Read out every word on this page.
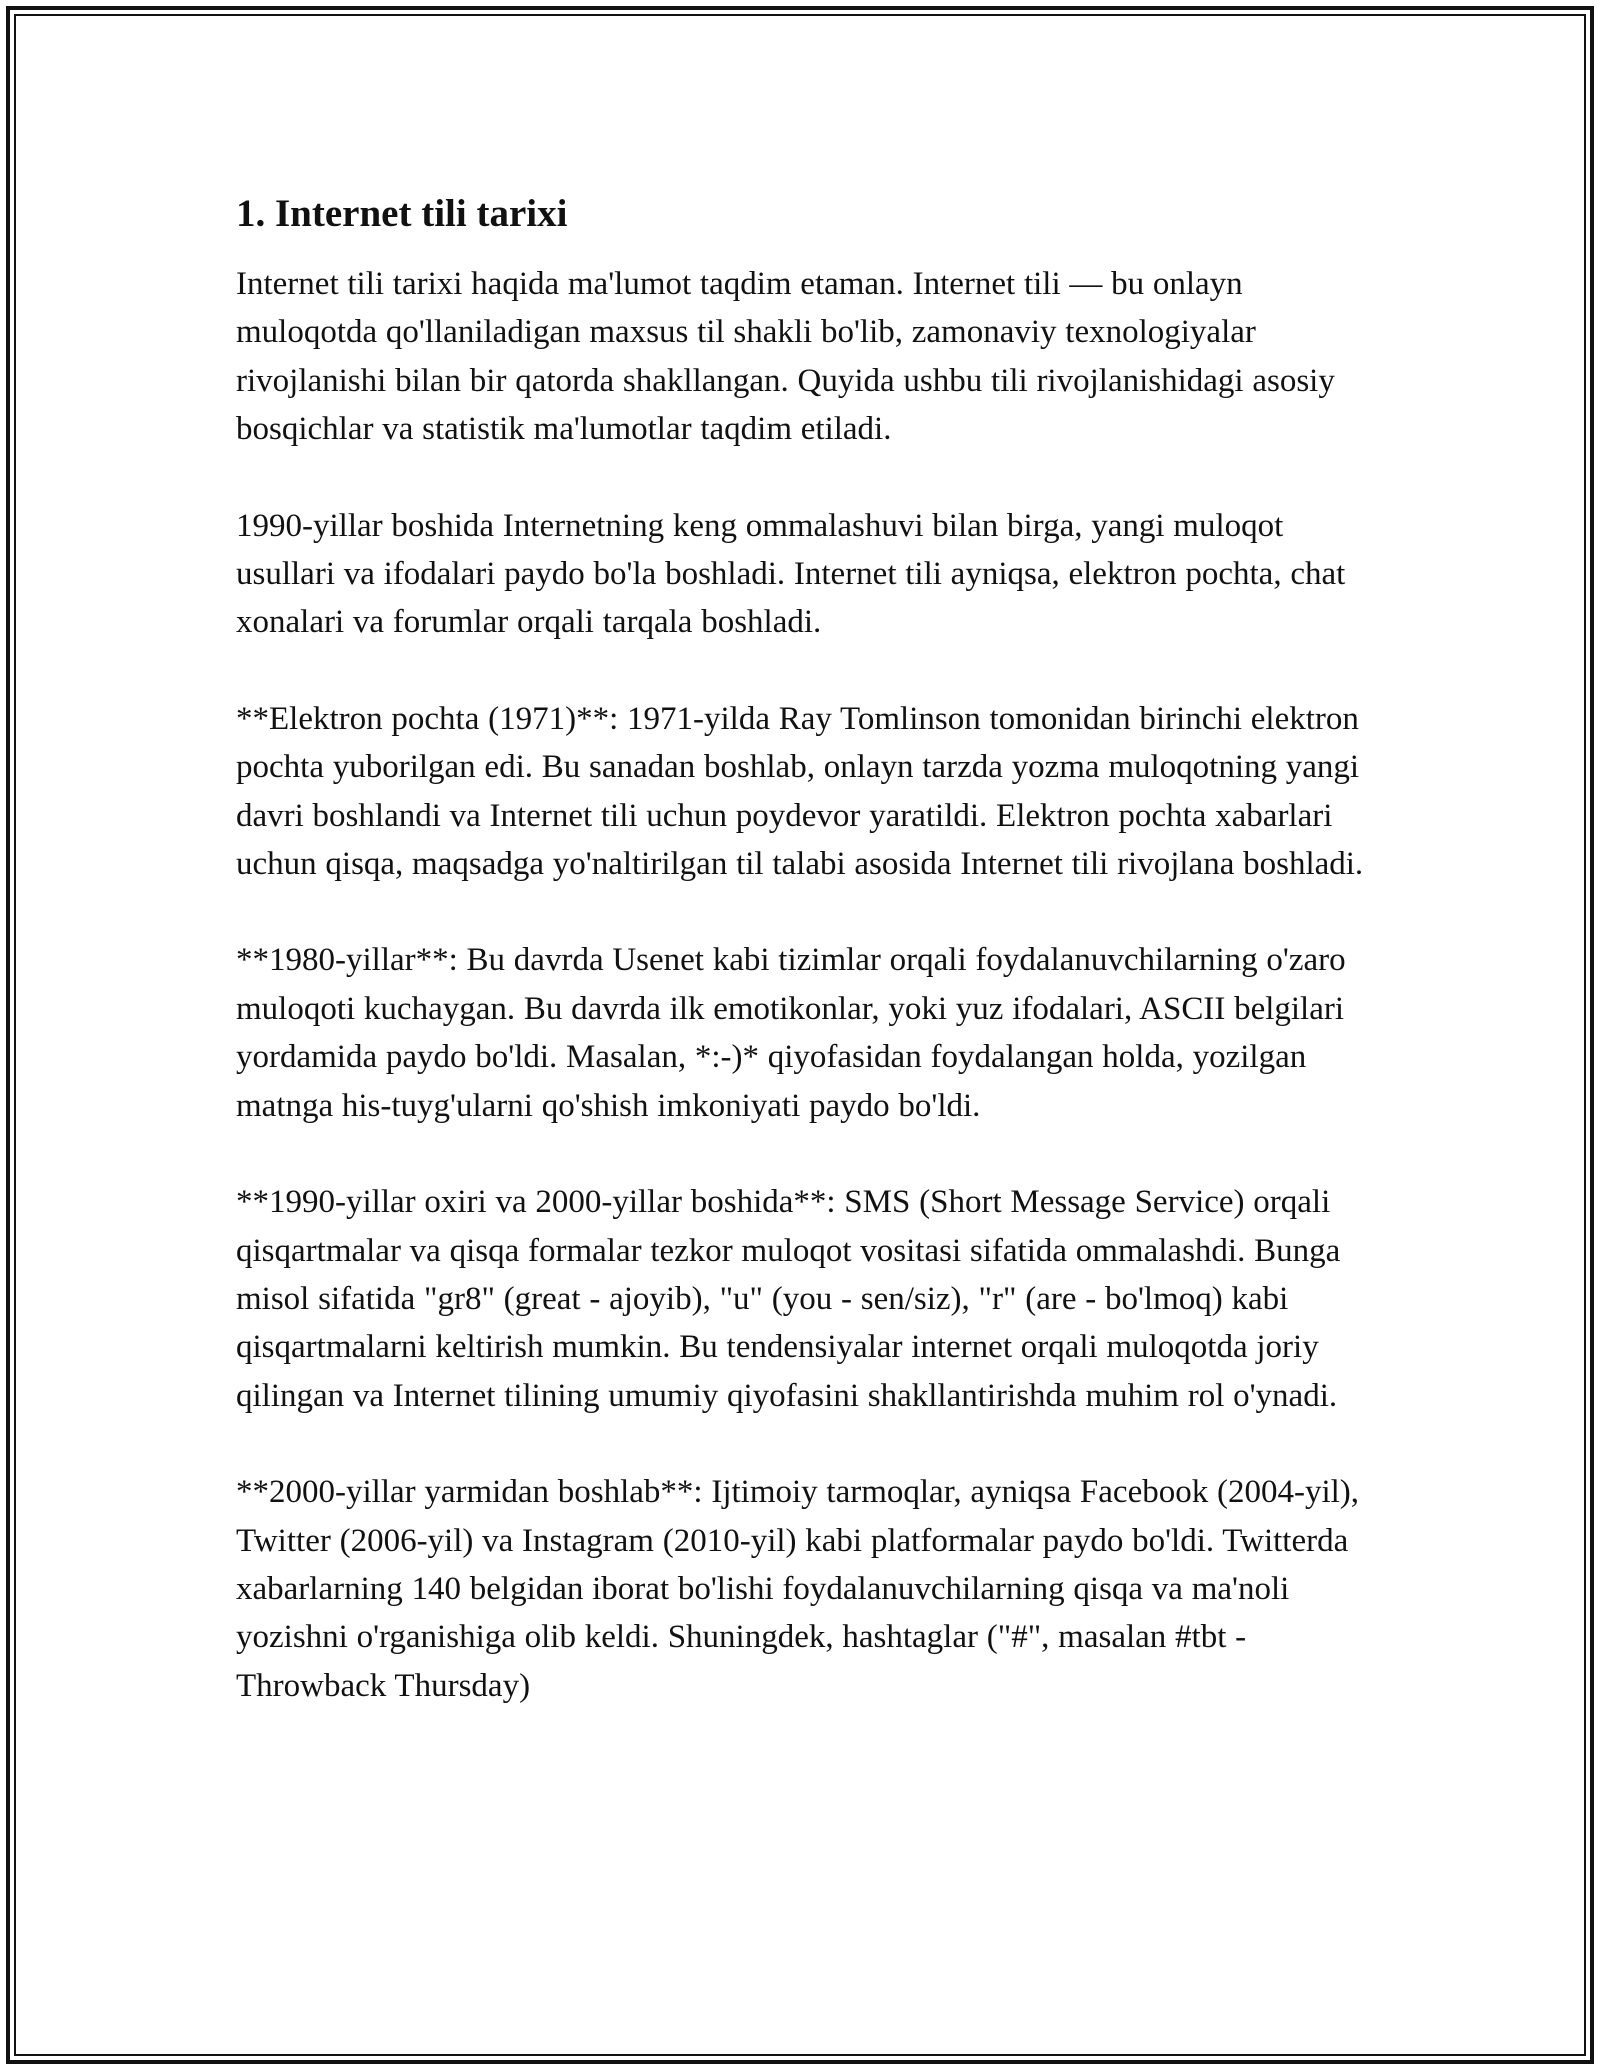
1. Internet tili tarixi

Internet tili tarixi haqida ma'lumot taqdim etaman. Internet tili — bu onlayn muloqotda qo'llaniladigan maxsus til shakli bo'lib, zamonaviy texnologiyalar rivojlanishi bilan bir qatorda shakllangan. Quyida ushbu tili rivojlanishidagi asosiy bosqichlar va statistik ma'lumotlar taqdim etiladi.

1990-yillar boshida Internetning keng ommalashuvi bilan birga, yangi muloqot usullari va ifodalari paydo bo'la boshladi. Internet tili ayniqsa, elektron pochta, chat xonalari va forumlar orqali tarqala boshladi.

**Elektron pochta (1971)**: 1971-yilda Ray Tomlinson tomonidan birinchi elektron pochta yuborilgan edi. Bu sanadan boshlab, onlayn tarzda yozma muloqotning yangi davri boshlandi va Internet tili uchun poydevor yaratildi. Elektron pochta xabarlari uchun qisqa, maqsadga yo'naltirilgan til talabi asosida Internet tili rivojlana boshladi.

**1980-yillar**: Bu davrda Usenet kabi tizimlar orqali foydalanuvchilarning o'zaro muloqoti kuchaygan. Bu davrda ilk emotikonlar, yoki yuz ifodalari, ASCII belgilari yordamida paydo bo'ldi. Masalan, *:-)* qiyofasidan foydalangan holda, yozilgan matnga his-tuyg'ularni qo'shish imkoniyati paydo bo'ldi.

**1990-yillar oxiri va 2000-yillar boshida**: SMS (Short Message Service) orqali qisqartmalar va qisqa formalar tezkor muloqot vositasi sifatida ommalashdi. Bunga misol sifatida "gr8" (great - ajoyib), "u" (you - sen/siz), "r" (are - bo'lmoq) kabi qisqartmalarni keltirish mumkin. Bu tendensiyalar internet orqali muloqotda joriy qilingan va Internet tilining umumiy qiyofasini shakllantirishda muhim rol o'ynadi.

**2000-yillar yarmidan boshlab**: Ijtimoiy tarmoqlar, ayniqsa Facebook (2004-yil), Twitter (2006-yil) va Instagram (2010-yil) kabi platformalar paydo bo'ldi. Twitterda xabarlarning 140 belgidan iborat bo'lishi foydalanuvchilarning qisqa va ma'noli yozishni o'rganishiga olib keldi. Shuningdek, hashtaglar ("#", masalan #tbt - Throwback Thursday)
